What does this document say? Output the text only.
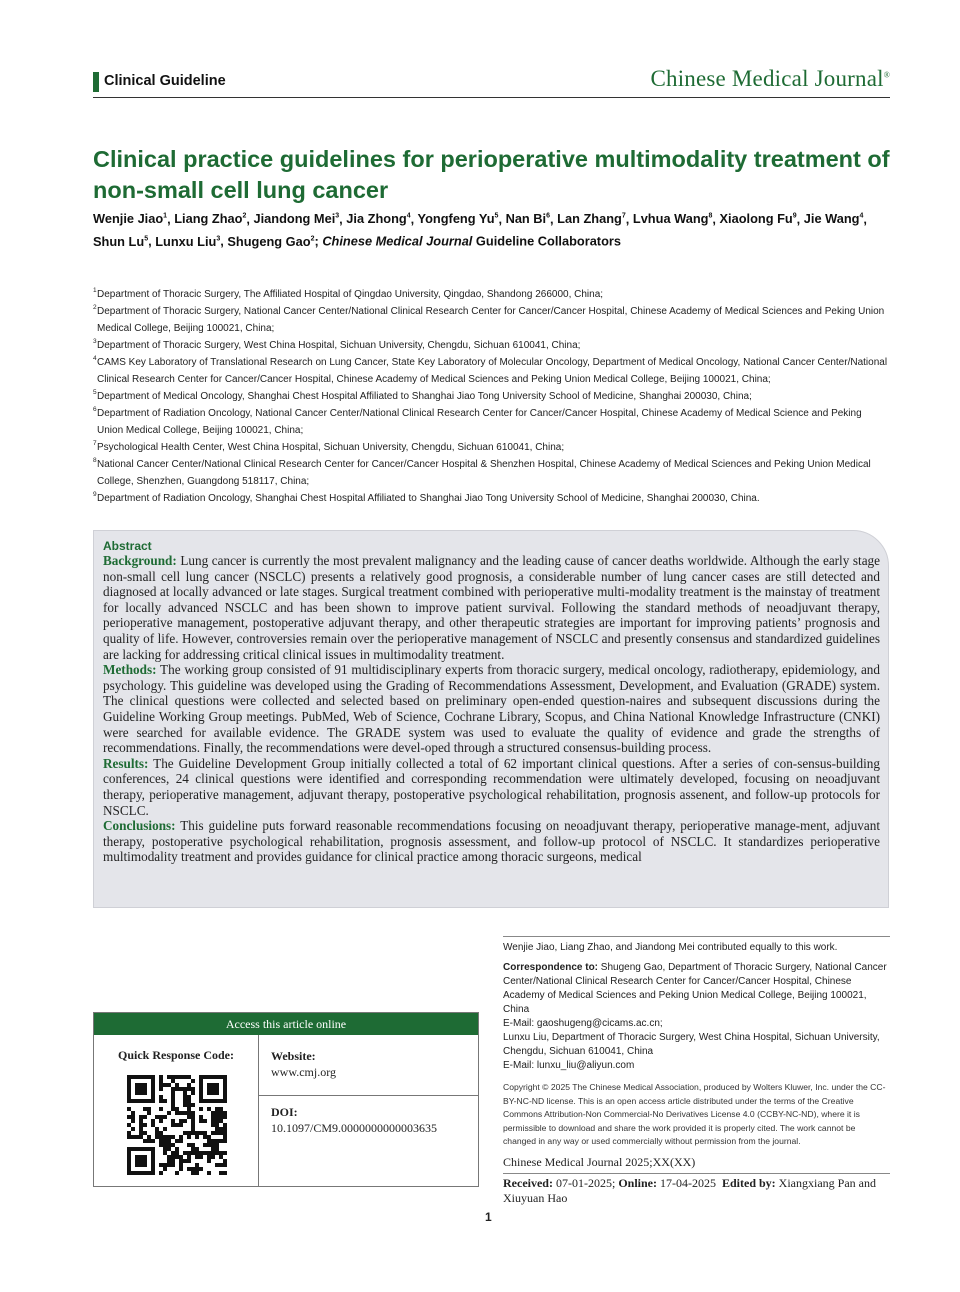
Clinical Guideline	Chinese Medical Journal®
Clinical practice guidelines for perioperative multimodality treatment of non-small cell lung cancer
Wenjie Jiao$^1$, Liang Zhao$^2$, Jiandong Mei$^3$, Jia Zhong$^4$, Yongfeng Yu$^5$, Nan Bi$^6$, Lan Zhang$^7$, Lvhua Wang$^8$, Xiaolong Fu$^9$, Jie Wang$^4$, Shun Lu$^5$, Lunxu Liu$^3$, Shugeng Gao$^2$; Chinese Medical Journal Guideline Collaborators
1 Department of Thoracic Surgery, The Affiliated Hospital of Qingdao University, Qingdao, Shandong 266000, China;
2 Department of Thoracic Surgery, National Cancer Center/National Clinical Research Center for Cancer/Cancer Hospital, Chinese Academy of Medical Sciences and Peking Union Medical College, Beijing 100021, China;
3 Department of Thoracic Surgery, West China Hospital, Sichuan University, Chengdu, Sichuan 610041, China;
4 CAMS Key Laboratory of Translational Research on Lung Cancer, State Key Laboratory of Molecular Oncology, Department of Medical Oncology, National Cancer Center/National Clinical Research Center for Cancer/Cancer Hospital, Chinese Academy of Medical Sciences and Peking Union Medical College, Beijing 100021, China;
5 Department of Medical Oncology, Shanghai Chest Hospital Affiliated to Shanghai Jiao Tong University School of Medicine, Shanghai 200030, China;
6 Department of Radiation Oncology, National Cancer Center/National Clinical Research Center for Cancer/Cancer Hospital, Chinese Academy of Medical Science and Peking Union Medical College, Beijing 100021, China;
7 Psychological Health Center, West China Hospital, Sichuan University, Chengdu, Sichuan 610041, China;
8 National Cancer Center/National Clinical Research Center for Cancer/Cancer Hospital & Shenzhen Hospital, Chinese Academy of Medical Sciences and Peking Union Medical College, Shenzhen, Guangdong 518117, China;
9 Department of Radiation Oncology, Shanghai Chest Hospital Affiliated to Shanghai Jiao Tong University School of Medicine, Shanghai 200030, China.
Abstract

Background: Lung cancer is currently the most prevalent malignancy and the leading cause of cancer deaths worldwide. Although the early stage non-small cell lung cancer (NSCLC) presents a relatively good prognosis, a considerable number of lung cancer cases are still detected and diagnosed at locally advanced or late stages. Surgical treatment combined with perioperative multi-modality treatment is the mainstay of treatment for locally advanced NSCLC and has been shown to improve patient survival. Following the standard methods of neoadjuvant therapy, perioperative management, postoperative adjuvant therapy, and other therapeutic strategies are important for improving patients’ prognosis and quality of life. However, controversies remain over the perioperative management of NSCLC and presently consensus and standardized guidelines are lacking for addressing critical clinical issues in multimodality treatment.

Methods: The working group consisted of 91 multidisciplinary experts from thoracic surgery, medical oncology, radiotherapy, epidemiology, and psychology. This guideline was developed using the Grading of Recommendations Assessment, Development, and Evaluation (GRADE) system. The clinical questions were collected and selected based on preliminary open-ended question-naires and subsequent discussions during the Guideline Working Group meetings. PubMed, Web of Science, Cochrane Library, Scopus, and China National Knowledge Infrastructure (CNKI) were searched for available evidence. The GRADE system was used to evaluate the quality of evidence and grade the strengths of recommendations. Finally, the recommendations were devel-oped through a structured consensus-building process.

Results: The Guideline Development Group initially collected a total of 62 important clinical questions. After a series of con-sensus-building conferences, 24 clinical questions were identified and corresponding recommendation were ultimately developed, focusing on neoadjuvant therapy, perioperative management, adjuvant therapy, postoperative psychological rehabilitation, prognosis assenent, and follow-up protocols for NSCLC.

Conclusions: This guideline puts forward reasonable recommendations focusing on neoadjuvant therapy, perioperative manage-ment, adjuvant therapy, postoperative psychological rehabilitation, prognosis assessment, and follow-up protocol of NSCLC. It standardizes perioperative multimodality treatment and provides guidance for clinical practice among thoracic surgeons, medical

Access this article online
Quick Response Code:	Website:
www.cmj.org
DOI:
10.1097/CM9.0000000000003635
Wenjie Jiao, Liang Zhao, and Jiandong Mei contributed equally to this work.
Correspondence to: Shugeng Gao, Department of Thoracic Surgery, National Cancer Center/National Clinical Research Center for Cancer/Cancer Hospital, Chinese Academy of Medical Sciences and Peking Union Medical College, Beijing 100021, China
E-Mail: gaoshugeng@cicams.ac.cn;
Lunxu Liu, Department of Thoracic Surgery, West China Hospital, Sichuan University, Chengdu, Sichuan 610041, China
E-Mail: lunxu_liu@aliyun.com
Copyright © 2025 The Chinese Medical Association, produced by Wolters Kluwer, Inc. under the CC-BY-NC-ND license. This is an open access article distributed under the terms of the Creative Commons Attribution-Non Commercial-No Derivatives License 4.0 (CCBY-NC-ND), where it is permissible to download and share the work provided it is properly cited. The work cannot be changed in any way or used commercially without permission from the journal.
Chinese Medical Journal 2025;XX(XX)
Received: 07-01-2025; Online: 17-04-2025 Edited by: Xiangxiang Pan and Xiuyuan Hao
1
